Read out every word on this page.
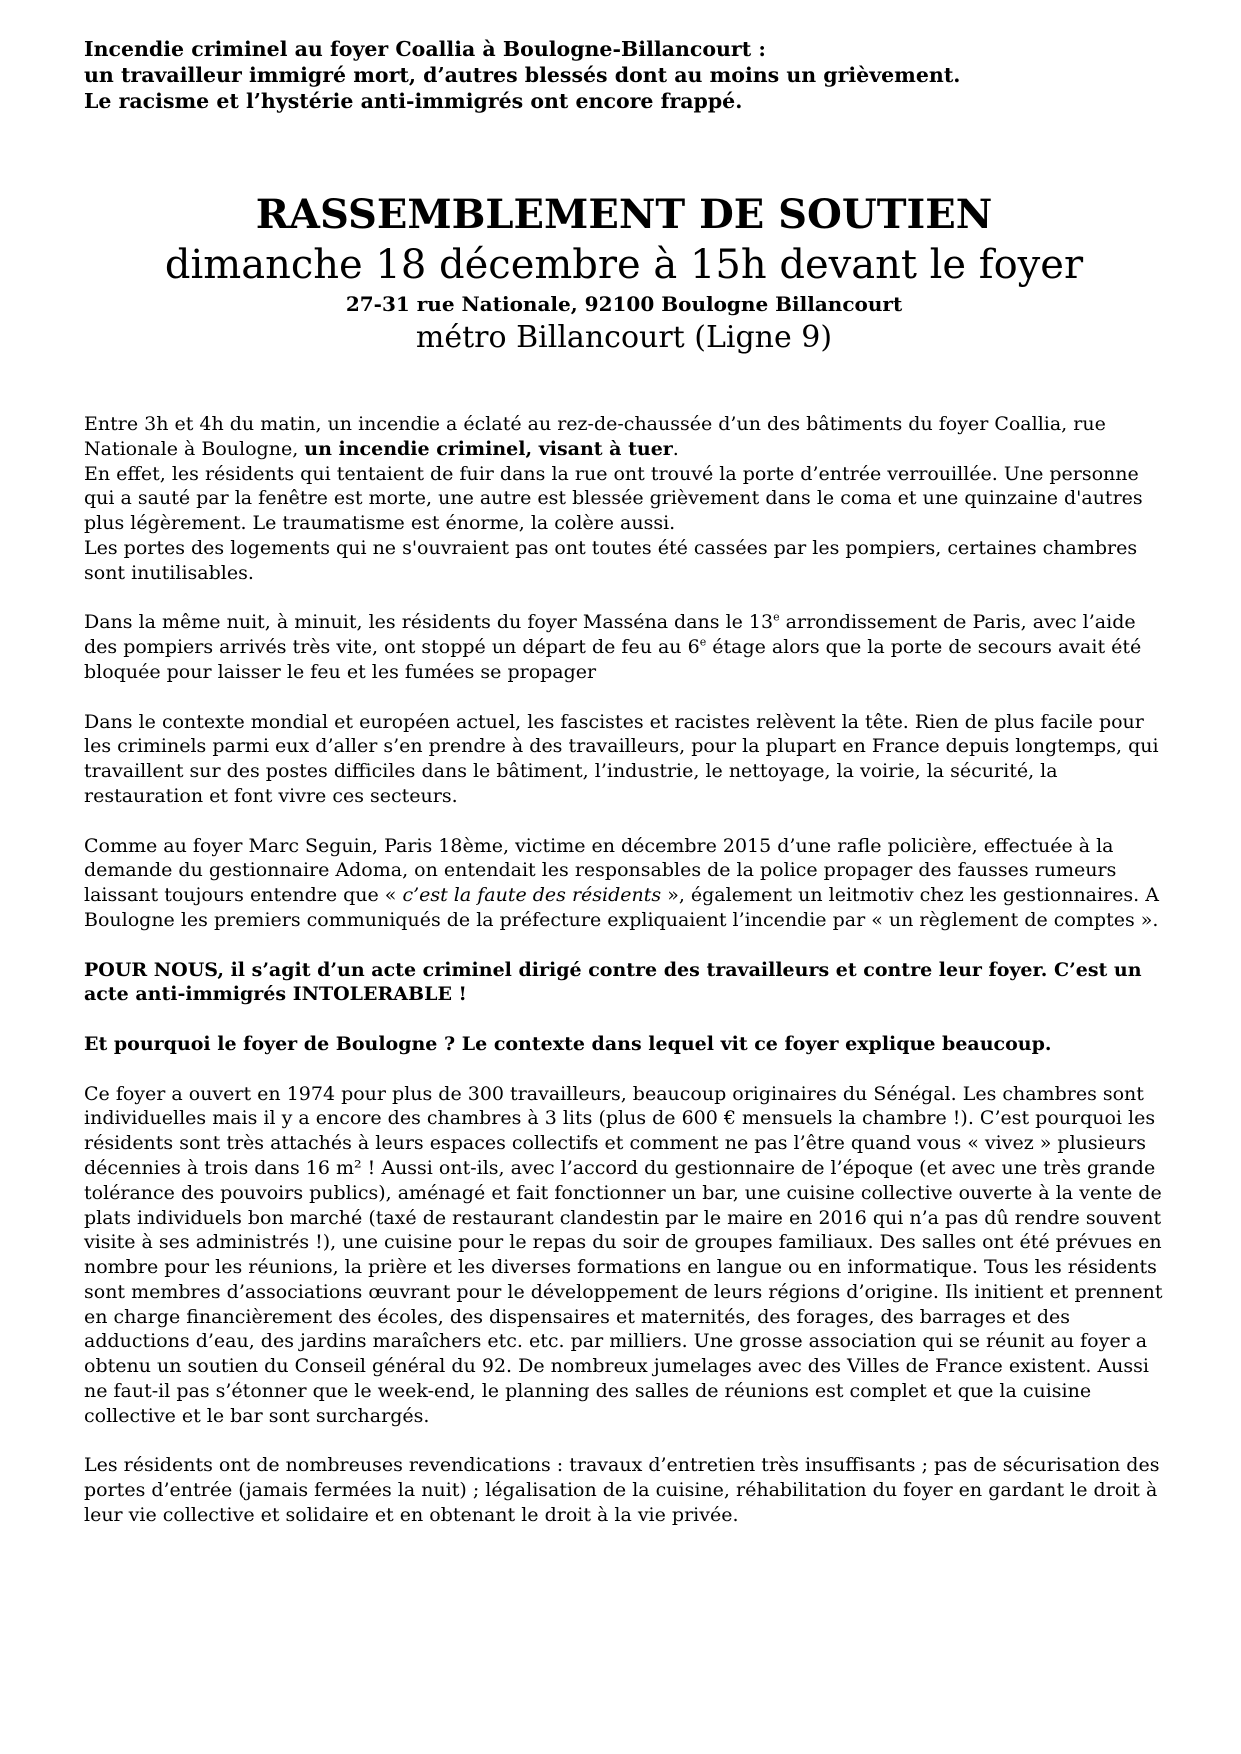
Incendie criminel au foyer Coallia à Boulogne-Billancourt :
un travailleur immigré mort, d’autres blessés dont au moins un grièvement.
Le racisme et l’hystérie anti-immigrés ont encore frappé.
RASSEMBLEMENT DE SOUTIEN
dimanche 18 décembre à 15h devant le foyer
27-31 rue Nationale, 92100 Boulogne Billancourt
métro Billancourt (Ligne 9)

Entre 3h et 4h du matin, un incendie a éclaté au rez-de-chaussée d’un des bâtiments du foyer Coallia, rue Nationale à Boulogne, un incendie criminel, visant à tuer.
En effet, les résidents qui tentaient de fuir dans la rue ont trouvé la porte d’entrée verrouillée. Une personne qui a sauté par la fenêtre est morte, une autre est blessée grièvement dans le coma et une quinzaine d'autres plus légèrement. Le traumatisme est énorme, la colère aussi.
Les portes des logements qui ne s'ouvraient pas ont toutes été cassées par les pompiers, certaines chambres sont inutilisables.

Dans la même nuit, à minuit, les résidents du foyer Masséna dans le 13e arrondissement de Paris, avec l’aide des pompiers arrivés très vite, ont stoppé un départ de feu au 6e étage alors que la porte de secours avait été bloquée pour laisser le feu et les fumées se propager

Dans le contexte mondial et européen actuel, les fascistes et racistes relèvent la tête. Rien de plus facile pour les criminels parmi eux d’aller s’en prendre à des travailleurs, pour la plupart en France depuis longtemps, qui travaillent sur des postes difficiles dans le bâtiment, l’industrie, le nettoyage, la voirie, la sécurité, la restauration et font vivre ces secteurs.

Comme au foyer Marc Seguin, Paris 18ème, victime en décembre 2015 d’une rafle policière, effectuée à la demande du gestionnaire Adoma, on entendait les responsables de la police propager des fausses rumeurs laissant toujours entendre que « c’est la faute des résidents », également un leitmotiv chez les gestionnaires. A Boulogne les premiers communiqués de la préfecture expliquaient l’incendie par « un règlement de comptes ».

POUR NOUS, il s’agit d’un acte criminel dirigé contre des travailleurs et contre leur foyer. C’est un acte anti-immigrés INTOLERABLE !

Et pourquoi le foyer de Boulogne ? Le contexte dans lequel vit ce foyer explique beaucoup.

Ce foyer a ouvert en 1974 pour plus de 300 travailleurs, beaucoup originaires du Sénégal. Les chambres sont individuelles mais il y a encore des chambres à 3 lits (plus de 600 € mensuels la chambre !). C’est pourquoi les résidents sont très attachés à leurs espaces collectifs et comment ne pas l’être quand vous « vivez » plusieurs décennies à trois dans 16 m² ! Aussi ont-ils, avec l’accord du gestionnaire de l’époque (et avec une très grande tolérance des pouvoirs publics), aménagé et fait fonctionner un bar, une cuisine collective ouverte à la vente de plats individuels bon marché (taxé de restaurant clandestin par le maire en 2016 qui n’a pas dû rendre souvent visite à ses administrés !), une cuisine pour le repas du soir de groupes familiaux. Des salles ont été prévues en nombre pour les réunions, la prière et les diverses formations en langue ou en informatique. Tous les résidents sont membres d’associations œuvrant pour le développement de leurs régions d’origine. Ils initient et prennent en charge financièrement des écoles, des dispensaires et maternités, des forages, des barrages et des adductions d’eau, des jardins maraîchers etc. etc. par milliers. Une grosse association qui se réunit au foyer a obtenu un soutien du Conseil général du 92. De nombreux jumelages avec des Villes de France existent. Aussi ne faut-il pas s’étonner que le week-end, le planning des salles de réunions est complet et que la cuisine collective et le bar sont surchargés.

Les résidents ont de nombreuses revendications : travaux d’entretien très insuffisants ; pas de sécurisation des portes d’entrée (jamais fermées la nuit) ; légalisation de la cuisine, réhabilitation du foyer en gardant le droit à leur vie collective et solidaire et en obtenant le droit à la vie privée.
